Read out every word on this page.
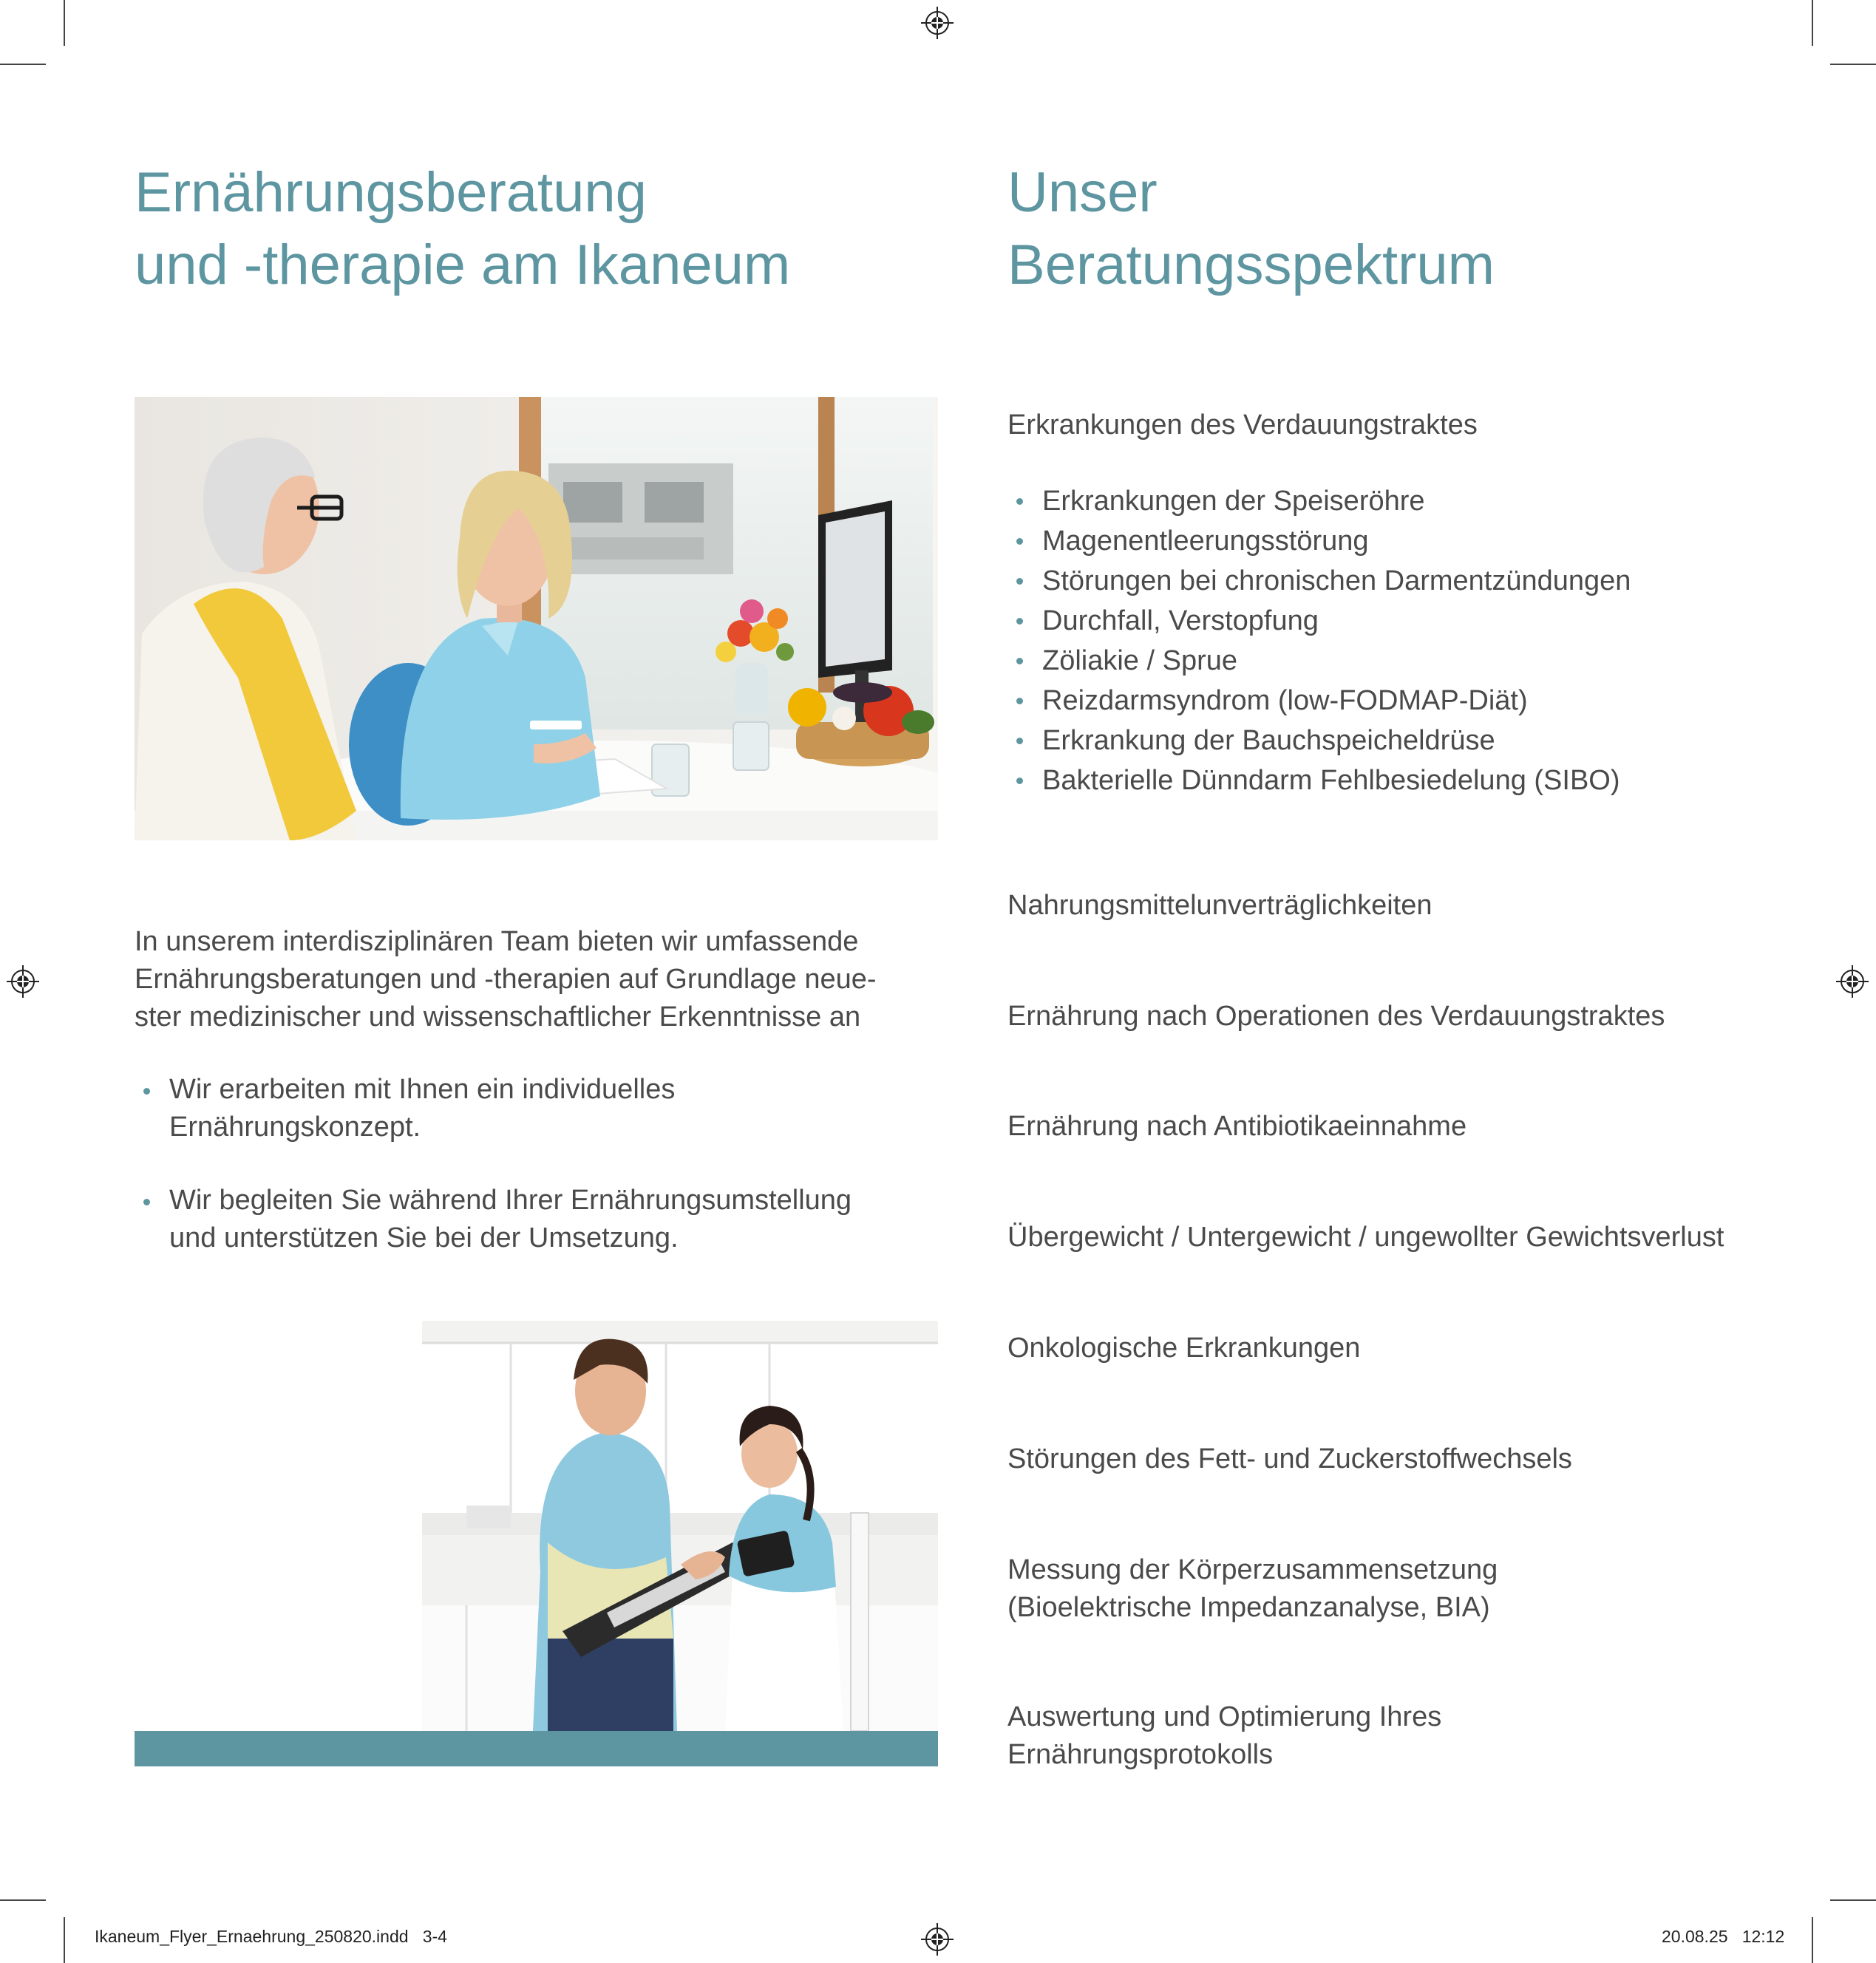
Ernährungsberatung
und -therapie am Ikaneum
In unserem interdisziplinären Team bieten wir umfassende
Ernährungsberatungen und -therapien auf Grundlage neue-
ster medizinischer und wissenschaftlicher Erkenntnisse an
Wir erarbeiten mit Ihnen ein individuelles
Ernährungskonzept.
Wir begleiten Sie während Ihrer Ernährungsumstellung
und unterstützen Sie bei der Umsetzung.
Unser
Beratungsspektrum
Erkrankungen des Verdauungstraktes
Erkrankungen der Speiseröhre
Magenentleerungsstörung
Störungen bei chronischen Darmentzündungen
Durchfall, Verstopfung
Zöliakie / Sprue
Reizdarmsyndrom (low-FODMAP-Diät)
Erkrankung der Bauchspeicheldrüse
Bakterielle Dünndarm Fehlbesiedelung (SIBO)
Nahrungsmittelunverträglichkeiten
Ernährung nach Operationen des Verdauungstraktes
Ernährung nach Antibiotikaeinnahme
Übergewicht / Untergewicht / ungewollter Gewichtsverlust
Onkologische Erkrankungen
Störungen des Fett- und Zuckerstoffwechsels
Messung der Körperzusammensetzung
(Bioelektrische Impedanzanalyse, BIA)
Auswertung und Optimierung Ihres
Ernährungsprotokolls
Ikaneum_Flyer_Ernaehrung_250820.indd   3-4	20.08.25   12:12
